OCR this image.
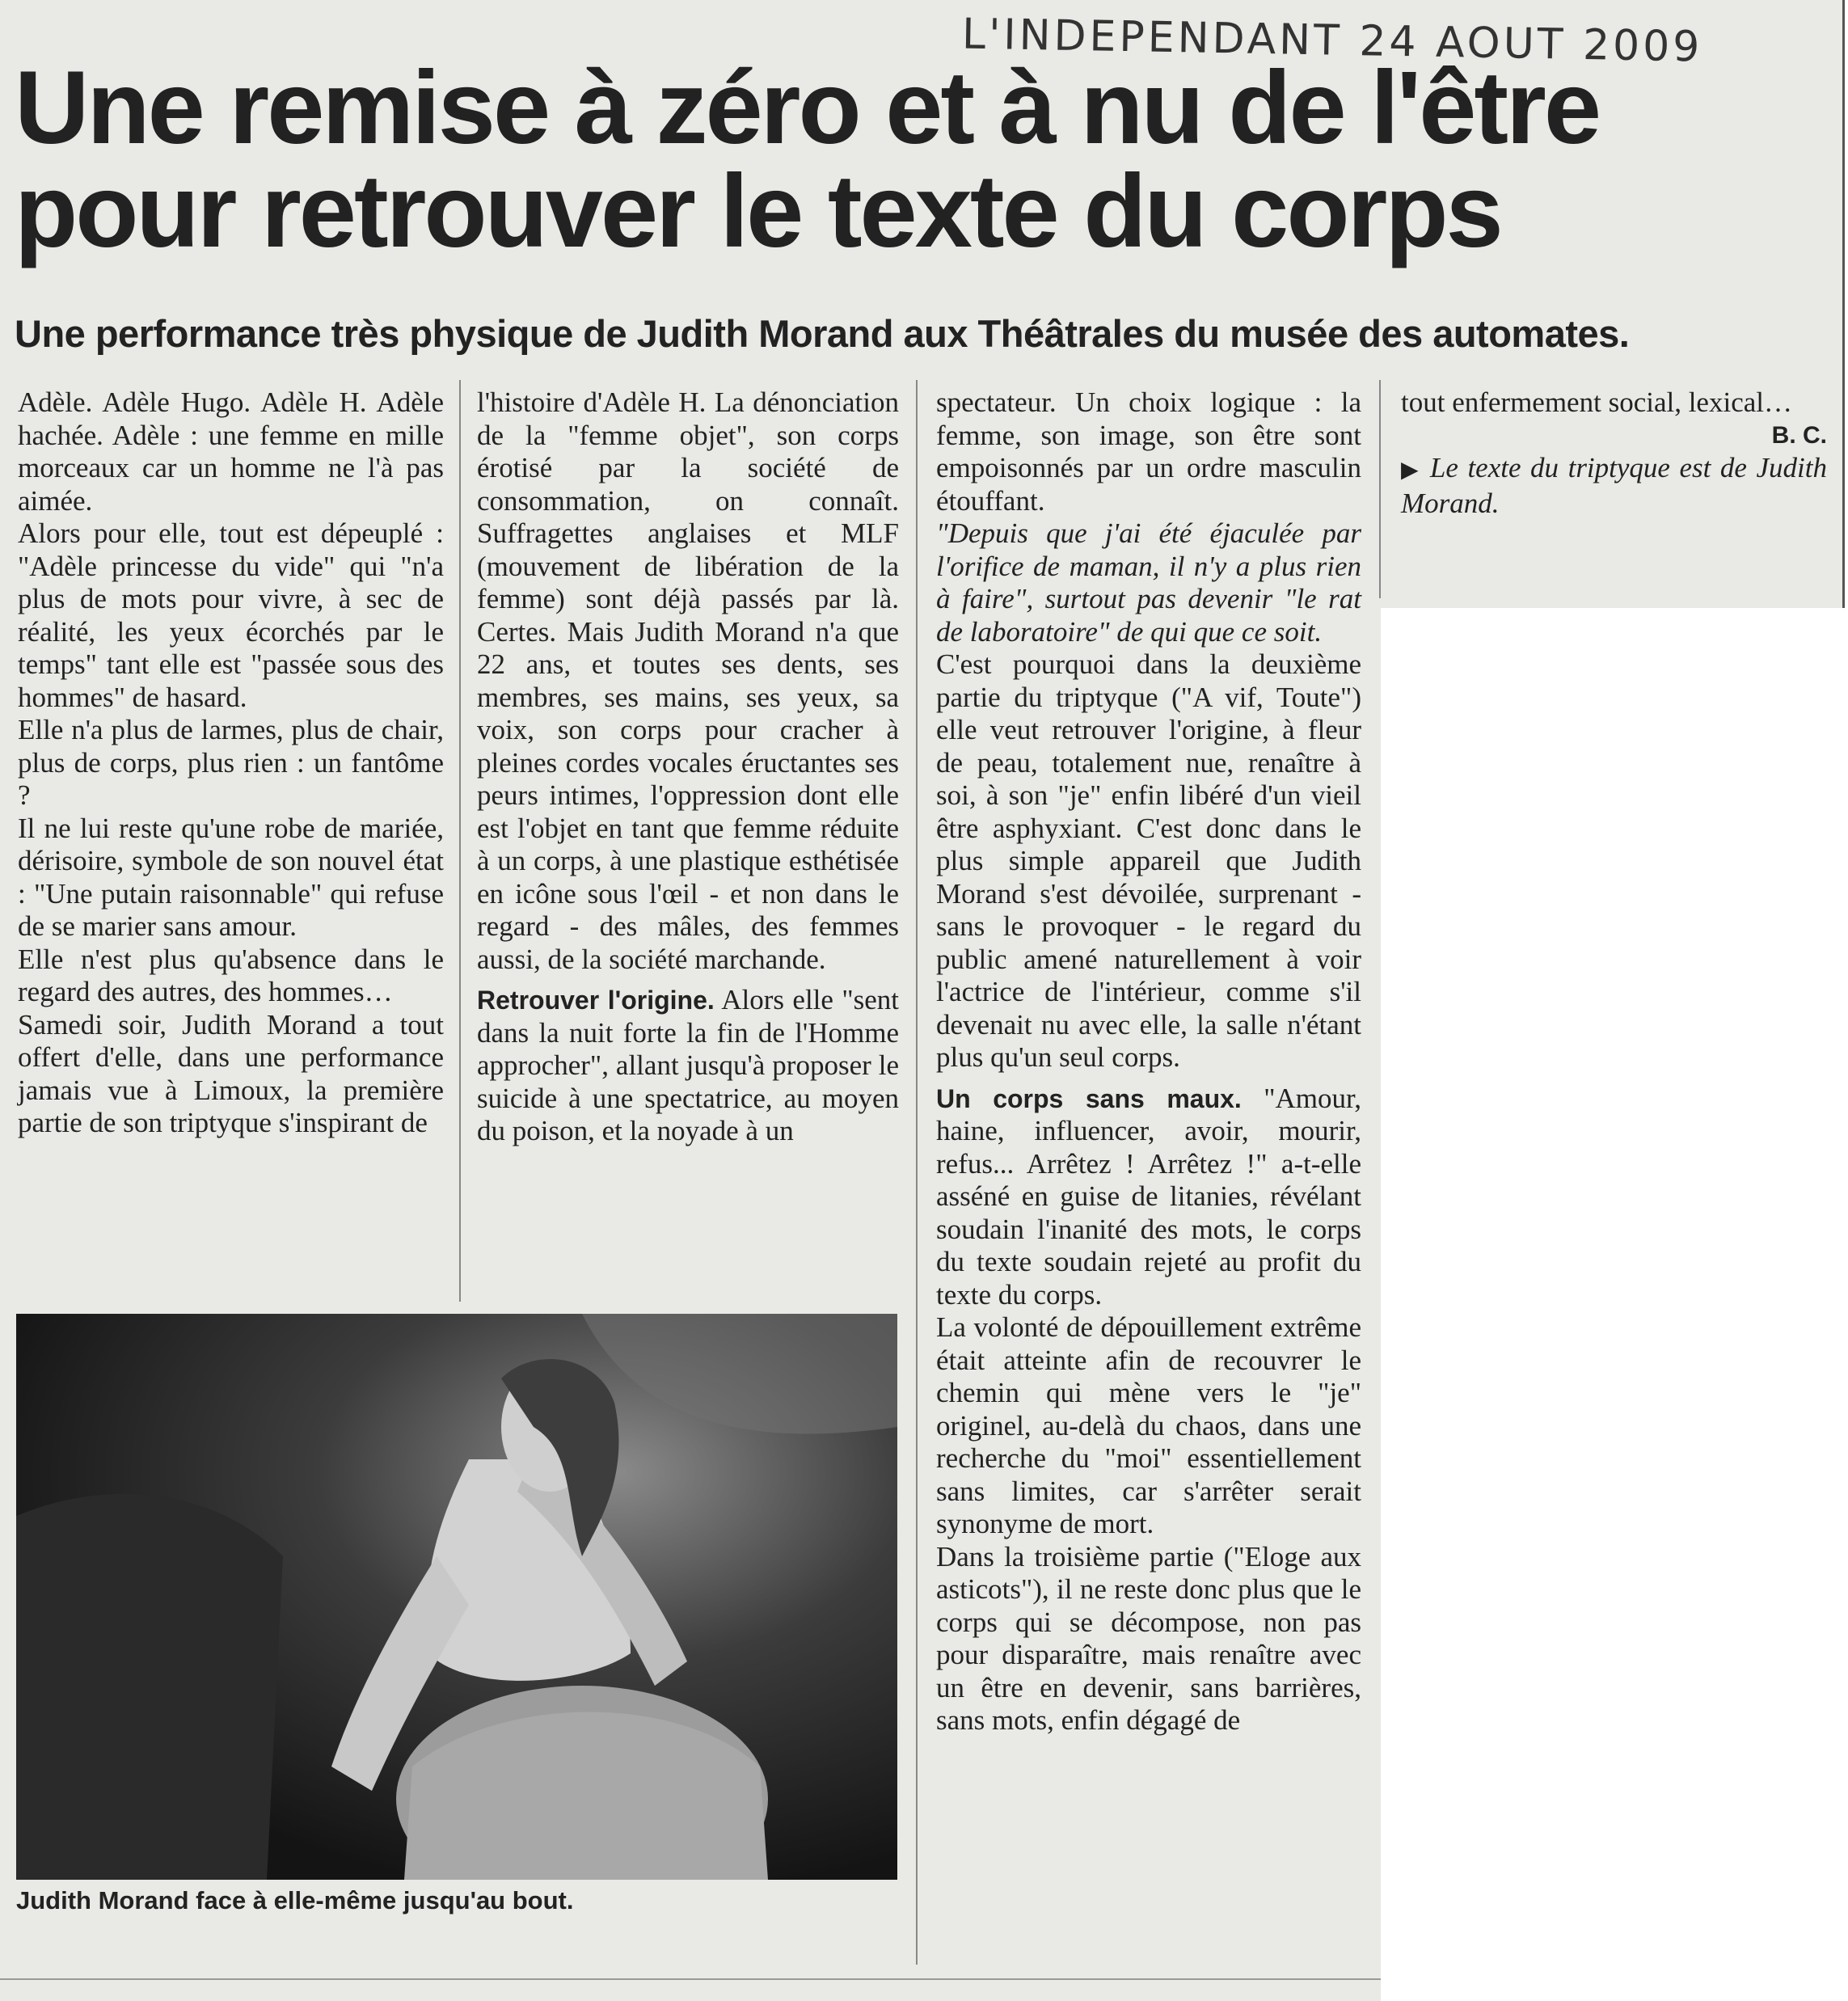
L'INDEPENDANT 24 AOUT 2009
Une remise à zéro et à nu de l'être
pour retrouver le texte du corps
Une performance très physique de Judith Morand aux Théâtrales du musée des automates.

Adèle. Adèle Hugo. Adèle H. Adèle hachée. Adèle : une femme en mille morceaux car un homme ne l'à pas aimée.

Alors pour elle, tout est dépeuplé : "Adèle princesse du vide" qui "n'a plus de mots pour vivre, à sec de réalité, les yeux écorchés par le temps" tant elle est "passée sous des hommes" de hasard.

Elle n'a plus de larmes, plus de chair, plus de corps, plus rien : un fantôme ?

Il ne lui reste qu'une robe de mariée, dérisoire, symbole de son nouvel état : "Une putain raisonnable" qui refuse de se marier sans amour.

Elle n'est plus qu'absence dans le regard des autres, des hommes…

Samedi soir, Judith Morand a tout offert d'elle, dans une performance jamais vue à Limoux, la première partie de son triptyque s'inspirant de

l'histoire d'Adèle H. La dénonciation de la "femme objet", son corps érotisé par la société de consommation, on connaît. Suffragettes anglaises et MLF (mouvement de libération de la femme) sont déjà passés par là. Certes. Mais Judith Morand n'a que 22 ans, et toutes ses dents, ses membres, ses mains, ses yeux, sa voix, son corps pour cracher à pleines cordes vocales éructantes ses peurs intimes, l'oppression dont elle est l'objet en tant que femme réduite à un corps, à une plastique esthétisée en icône sous l'œil - et non dans le regard - des mâles, des femmes aussi, de la société marchande.

Retrouver l'origine. Alors elle "sent dans la nuit forte la fin de l'Homme approcher", allant jusqu'à proposer le suicide à une spectatrice, au moyen du poison, et la noyade à un

spectateur. Un choix logique : la femme, son image, son être sont empoisonnés par un ordre masculin étouffant.

"Depuis que j'ai été éjaculée par l'orifice de maman, il n'y a plus rien à faire", surtout pas devenir "le rat de laboratoire" de qui que ce soit.

C'est pourquoi dans la deuxième partie du triptyque ("A vif, Toute") elle veut retrouver l'origine, à fleur de peau, totalement nue, renaître à soi, à son "je" enfin libéré d'un vieil être asphyxiant. C'est donc dans le plus simple appareil que Judith Morand s'est dévoilée, surprenant - sans le provoquer - le regard du public amené naturellement à voir l'actrice de l'intérieur, comme s'il devenait nu avec elle, la salle n'étant plus qu'un seul corps.

Un corps sans maux. "Amour, haine, influencer, avoir, mourir, refus... Arrêtez ! Arrêtez !" a-t-elle asséné en guise de litanies, révélant soudain l'inanité des mots, le corps du texte soudain rejeté au profit du texte du corps.

La volonté de dépouillement extrême était atteinte afin de recouvrer le chemin qui mène vers le "je" originel, au-delà du chaos, dans une recherche du "moi" essentiellement sans limites, car s'arrêter serait synonyme de mort.

Dans la troisième partie ("Eloge aux asticots"), il ne reste donc plus que le corps qui se décompose, non pas pour disparaître, mais renaître avec un être en devenir, sans barrières, sans mots, enfin dégagé de

tout enfermement social, lexical…

B. C.

▶ Le texte du triptyque est de Judith Morand.

Judith Morand face à elle-même jusqu'au bout.
